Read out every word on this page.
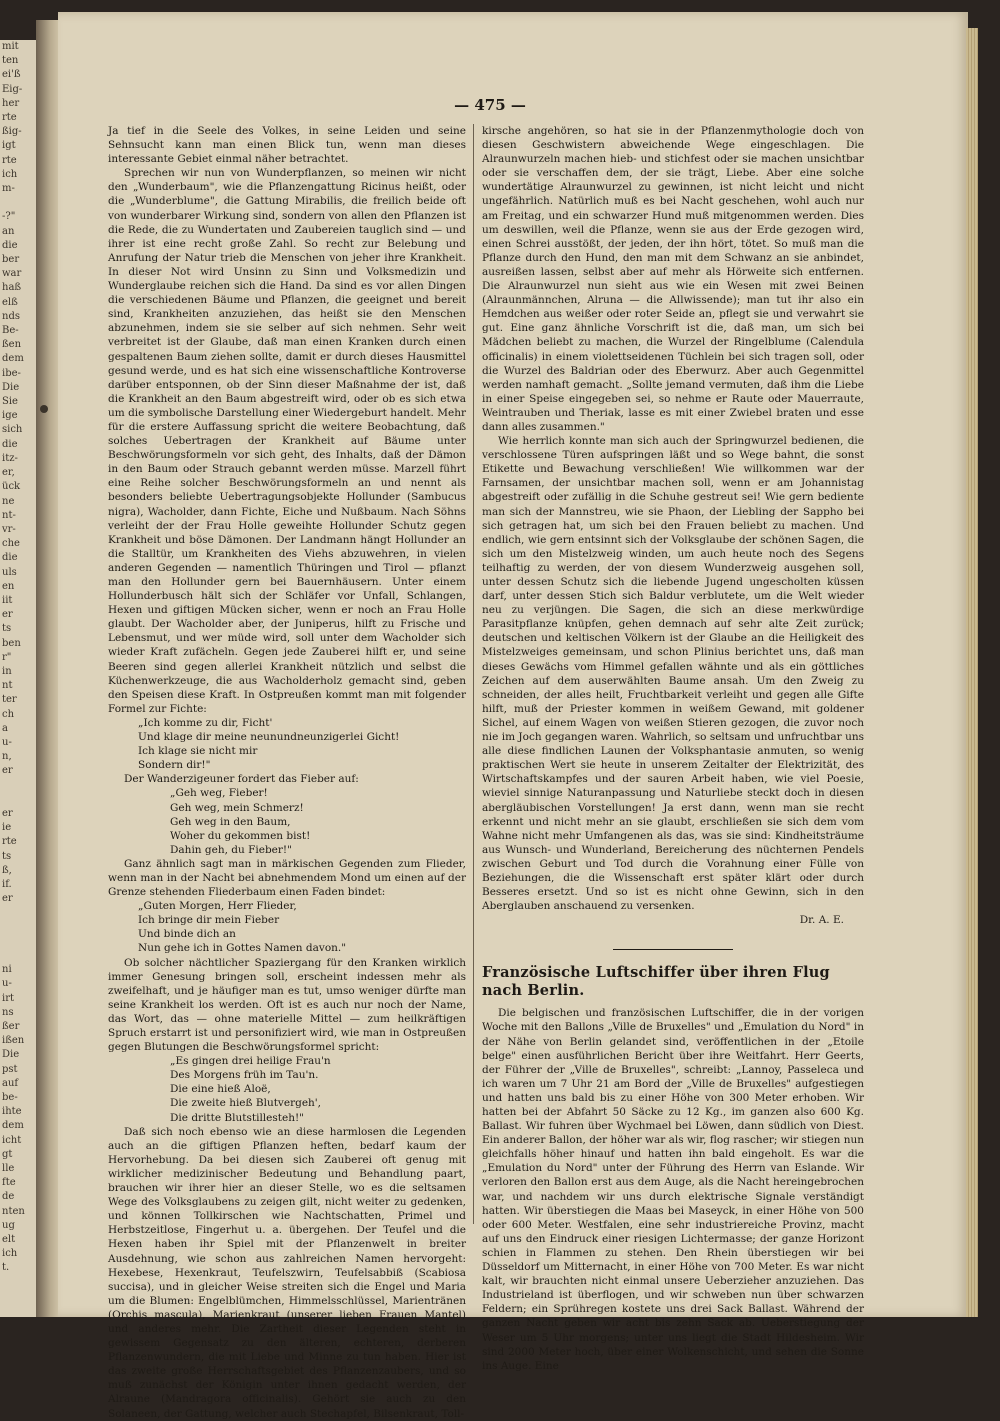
mit
ten
ei'ß
Eig-
her
rte
ßig-
igt
rte
ich
m-

-?"
an
die
ber
war
haß
elß
nds
Be-
ßen
dem
ibe-
Die
Sie
ige
sich
die
itz-
er,
ück
ne
nt-
vr-
che
die
uls
en
iit
er
ts
ben
r"
in
nt
ter
ch
a
u-
n,
er

er
ie
rte
ts
ß,
if.
er

ni
u-
irt
ns
ßer
ißen
Die
pst
auf
be-
ihte
dem
icht
gt
lle
fte
de
nten
ug
elt
ich
t.
— 475 —

Ja tief in die Seele des Volkes, in seine Leiden und seine Sehnsucht kann man einen Blick tun, wenn man dieses interessante Gebiet einmal näher betrachtet.

Sprechen wir nun von Wunderpflanzen, so meinen wir nicht den „Wunderbaum", wie die Pflanzengattung Ricinus heißt, oder die „Wunderblume", die Gattung Mirabilis, die freilich beide oft von wunderbarer Wirkung sind, sondern von allen den Pflanzen ist die Rede, die zu Wundertaten und Zaubereien tauglich sind — und ihrer ist eine recht große Zahl. So recht zur Belebung und Anrufung der Natur trieb die Menschen von jeher ihre Krankheit. In dieser Not wird Unsinn zu Sinn und Volksmedizin und Wunderglaube reichen sich die Hand. Da sind es vor allen Dingen die verschiedenen Bäume und Pflanzen, die geeignet und bereit sind, Krankheiten anzuziehen, das heißt sie den Menschen abzunehmen, indem sie sie selber auf sich nehmen. Sehr weit verbreitet ist der Glaube, daß man einen Kranken durch einen gespaltenen Baum ziehen sollte, damit er durch dieses Hausmittel gesund werde, und es hat sich eine wissenschaftliche Kontroverse darüber entsponnen, ob der Sinn dieser Maßnahme der ist, daß die Krankheit an den Baum abgestreift wird, oder ob es sich etwa um die symbolische Darstellung einer Wiedergeburt handelt. Mehr für die erstere Auffassung spricht die weitere Beobachtung, daß solches Uebertragen der Krankheit auf Bäume unter Beschwörungsformeln vor sich geht, des Inhalts, daß der Dämon in den Baum oder Strauch gebannt werden müsse. Marzell führt eine Reihe solcher Beschwörungsformeln an und nennt als besonders beliebte Uebertragungsobjekte Hollunder (Sambucus nigra), Wacholder, dann Fichte, Eiche und Nußbaum. Nach Söhns verleiht der der Frau Holle geweihte Hollunder Schutz gegen Krankheit und böse Dämonen. Der Landmann hängt Hollunder an die Stalltür, um Krankheiten des Viehs abzuwehren, in vielen anderen Gegenden — namentlich Thüringen und Tirol — pflanzt man den Hollunder gern bei Bauernhäusern. Unter einem Hollunderbusch hält sich der Schläfer vor Unfall, Schlangen, Hexen und giftigen Mücken sicher, wenn er noch an Frau Holle glaubt. Der Wacholder aber, der Juniperus, hilft zu Frische und Lebensmut, und wer müde wird, soll unter dem Wacholder sich wieder Kraft zufächeln. Gegen jede Zauberei hilft er, und seine Beeren sind gegen allerlei Krankheit nützlich und selbst die Küchenwerkzeuge, die aus Wacholderholz gemacht sind, geben den Speisen diese Kraft. In Ostpreußen kommt man mit folgender Formel zur Fichte:

„Ich komme zu dir, Ficht'
Und klage dir meine neunundneunzigerlei Gicht!
Ich klage sie nicht mir
Sondern dir!"

Der Wanderzigeuner fordert das Fieber auf:

„Geh weg, Fieber!
Geh weg, mein Schmerz!
Geh weg in den Baum,
Woher du gekommen bist!
Dahin geh, du Fieber!"

Ganz ähnlich sagt man in märkischen Gegenden zum Flieder, wenn man in der Nacht bei abnehmendem Mond um einen auf der Grenze stehenden Fliederbaum einen Faden bindet:

„Guten Morgen, Herr Flieder,
Ich bringe dir mein Fieber
Und binde dich an
Nun gehe ich in Gottes Namen davon."

Ob solcher nächtlicher Spaziergang für den Kranken wirklich immer Genesung bringen soll, erscheint indessen mehr als zweifelhaft, und je häufiger man es tut, umso weniger dürfte man seine Krankheit los werden. Oft ist es auch nur noch der Name, das Wort, das — ohne materielle Mittel — zum heilkräftigen Spruch erstarrt ist und personifiziert wird, wie man in Ostpreußen gegen Blutungen die Beschwörungsformel spricht:

„Es gingen drei heilige Frau'n
Des Morgens früh im Tau'n.
Die eine hieß Aloë,
Die zweite hieß Blutvergeh',
Die dritte Blutstillesteh!"

Daß sich noch ebenso wie an diese harmlosen die Legenden auch an die giftigen Pflanzen heften, bedarf kaum der Hervorhebung. Da bei diesen sich Zauberei oft genug mit wirklicher medizinischer Bedeutung und Behandlung paart, brauchen wir ihrer hier an dieser Stelle, wo es die seltsamen Wege des Volksglaubens zu zeigen gilt, nicht weiter zu gedenken, und können Tollkirschen wie Nachtschatten, Primel und Herbstzeitlose, Fingerhut u. a. übergehen. Der Teufel und die Hexen haben ihr Spiel mit der Pflanzenwelt in breiter Ausdehnung, wie schon aus zahlreichen Namen hervorgeht: Hexebese, Hexenkraut, Teufelszwirn, Teufelsabbiß (Scabiosa succisa), und in gleicher Weise streiten sich die Engel und Maria um die Blumen: Engelblümchen, Himmelsschlüssel, Marientränen (Orchis mascula), Marienkraut (unserer lieben Frauen Mantel) und anderes mehr. Die Zartheit dieser Legenden steht in gewissem Gegensatz zu den älteren, echteren, derberen Pflanzenwundern, die mit Liebe und Minne zu tun haben. Hier ist das zweite große Herrschaftsgebiet des Pflanzenzaubers, und so muß zunächst der Königin unter ihnen gedacht werden, der Alraune (Mandragora officinalis). Gehört sie auch zu den Solaneen, der Gattung, welcher auch Stechapfel, Bilsenkraut, Toll-

kirsche angehören, so hat sie in der Pflanzenmythologie doch von diesen Geschwistern abweichende Wege eingeschlagen. Die Alraunwurzeln machen hieb- und stichfest oder sie machen unsichtbar oder sie verschaffen dem, der sie trägt, Liebe. Aber eine solche wundertätige Alraunwurzel zu gewinnen, ist nicht leicht und nicht ungefährlich. Natürlich muß es bei Nacht geschehen, wohl auch nur am Freitag, und ein schwarzer Hund muß mitgenommen werden. Dies um deswillen, weil die Pflanze, wenn sie aus der Erde gezogen wird, einen Schrei ausstößt, der jeden, der ihn hört, tötet. So muß man die Pflanze durch den Hund, den man mit dem Schwanz an sie anbindet, ausreißen lassen, selbst aber auf mehr als Hörweite sich entfernen. Die Alraunwurzel nun sieht aus wie ein Wesen mit zwei Beinen (Alraunmännchen, Alruna — die Allwissende); man tut ihr also ein Hemdchen aus weißer oder roter Seide an, pflegt sie und verwahrt sie gut. Eine ganz ähnliche Vorschrift ist die, daß man, um sich bei Mädchen beliebt zu machen, die Wurzel der Ringelblume (Calendula officinalis) in einem violettseidenen Tüchlein bei sich tragen soll, oder die Wurzel des Baldrian oder des Eberwurz. Aber auch Gegenmittel werden namhaft gemacht. „Sollte jemand vermuten, daß ihm die Liebe in einer Speise eingegeben sei, so nehme er Raute oder Mauerraute, Weintrauben und Theriak, lasse es mit einer Zwiebel braten und esse dann alles zusammen."

Wie herrlich konnte man sich auch der Springwurzel bedienen, die verschlossene Türen aufspringen läßt und so Wege bahnt, die sonst Etikette und Bewachung verschließen! Wie willkommen war der Farnsamen, der unsichtbar machen soll, wenn er am Johannistag abgestreift oder zufällig in die Schuhe gestreut sei! Wie gern bediente man sich der Mannstreu, wie sie Phaon, der Liebling der Sappho bei sich getragen hat, um sich bei den Frauen beliebt zu machen. Und endlich, wie gern entsinnt sich der Volksglaube der schönen Sagen, die sich um den Mistelzweig winden, um auch heute noch des Segens teilhaftig zu werden, der von diesem Wunderzweig ausgehen soll, unter dessen Schutz sich die liebende Jugend ungescholten küssen darf, unter dessen Stich sich Baldur verblutete, um die Welt wieder neu zu verjüngen. Die Sagen, die sich an diese merkwürdige Parasitpflanze knüpfen, gehen demnach auf sehr alte Zeit zurück; deutschen und keltischen Völkern ist der Glaube an die Heiligkeit des Mistelzweiges gemeinsam, und schon Plinius berichtet uns, daß man dieses Gewächs vom Himmel gefallen wähnte und als ein göttliches Zeichen auf dem auserwählten Baume ansah. Um den Zweig zu schneiden, der alles heilt, Fruchtbarkeit verleiht und gegen alle Gifte hilft, muß der Priester kommen in weißem Gewand, mit goldener Sichel, auf einem Wagen von weißen Stieren gezogen, die zuvor noch nie im Joch gegangen waren. Wahrlich, so seltsam und unfruchtbar uns alle diese findlichen Launen der Volksphantasie anmuten, so wenig praktischen Wert sie heute in unserem Zeitalter der Elektrizität, des Wirtschaftskampfes und der sauren Arbeit haben, wie viel Poesie, wieviel sinnige Naturanpassung und Naturliebe steckt doch in diesen abergläubischen Vorstellungen! Ja erst dann, wenn man sie recht erkennt und nicht mehr an sie glaubt, erschließen sie sich dem vom Wahne nicht mehr Umfangenen als das, was sie sind: Kindheitsträume aus Wunsch- und Wunderland, Bereicherung des nüchternen Pendels zwischen Geburt und Tod durch die Vorahnung einer Fülle von Beziehungen, die die Wissenschaft erst später klärt oder durch Besseres ersetzt. Und so ist es nicht ohne Gewinn, sich in den Aberglauben anschauend zu versenken.

Dr. A. E.

Französische Luftschiffer über ihren Flug nach Berlin.

Die belgischen und französischen Luftschiffer, die in der vorigen Woche mit den Ballons „Ville de Bruxelles" und „Emulation du Nord" in der Nähe von Berlin gelandet sind, veröffentlichen in der „Etoile belge" einen ausführlichen Bericht über ihre Weitfahrt. Herr Geerts, der Führer der „Ville de Bruxelles", schreibt: „Lannoy, Passeleca und ich waren um 7 Uhr 21 am Bord der „Ville de Bruxelles" aufgestiegen und hatten uns bald bis zu einer Höhe von 300 Meter erhoben. Wir hatten bei der Abfahrt 50 Säcke zu 12 Kg., im ganzen also 600 Kg. Ballast. Wir fuhren über Wychmael bei Löwen, dann südlich von Diest. Ein anderer Ballon, der höher war als wir, flog rascher; wir stiegen nun gleichfalls höher hinauf und hatten ihn bald eingeholt. Es war die „Emulation du Nord" unter der Führung des Herrn van Eslande. Wir verloren den Ballon erst aus dem Auge, als die Nacht hereingebrochen war, und nachdem wir uns durch elektrische Signale verständigt hatten. Wir überstiegen die Maas bei Maseyck, in einer Höhe von 500 oder 600 Meter. Westfalen, eine sehr industriereiche Provinz, macht auf uns den Eindruck einer riesigen Lichtermasse; der ganze Horizont schien in Flammen zu stehen. Den Rhein überstiegen wir bei Düsseldorf um Mitternacht, in einer Höhe von 700 Meter. Es war nicht kalt, wir brauchten nicht einmal unsere Ueberzieher anzuziehen. Das Industrieland ist überflogen, und wir schweben nun über schwarzen Feldern; ein Sprühregen kostete uns drei Sack Ballast. Während der ganzen Nacht geben wir acht bis zehn Sack ab. Ueberstiegung der Weser um 5 Uhr morgens; unter uns liegt die Stadt Hildesheim. Wir sind 2000 Meter hoch, über einer Wolkenschicht, und sehen die Sonne ins Auge. Eine
